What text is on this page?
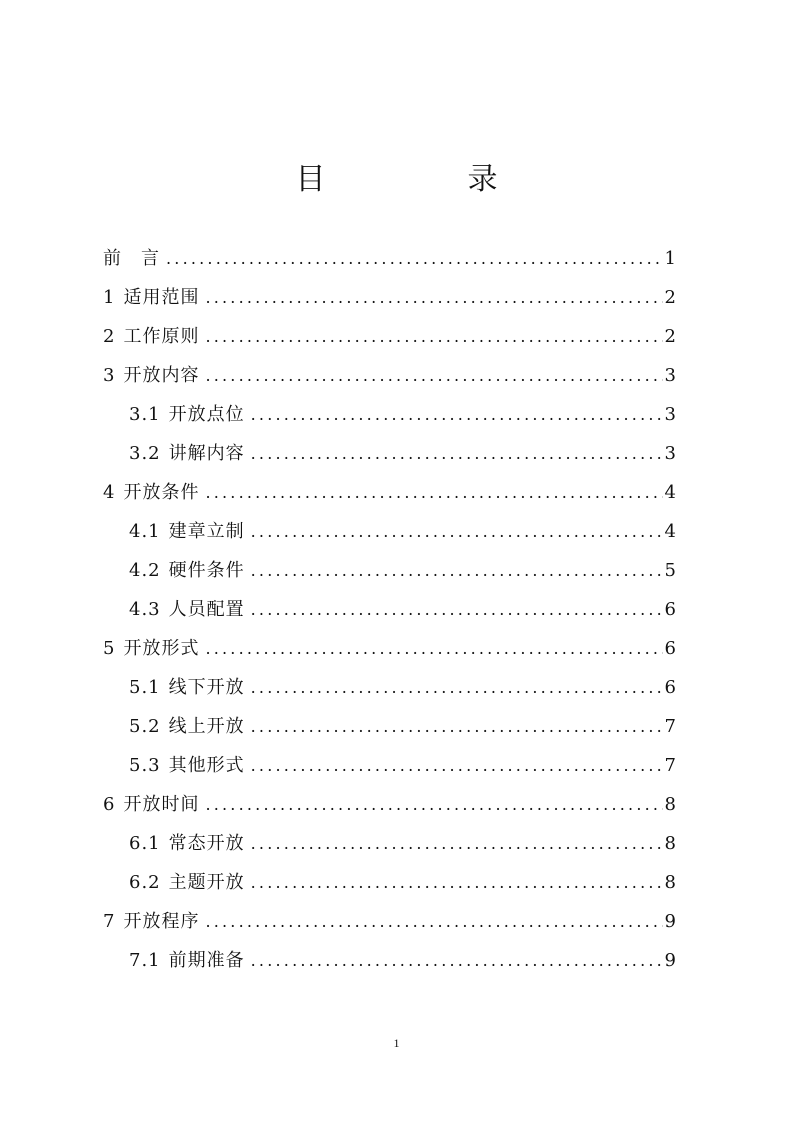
目　录
前　言 .....	1
1 适用范围 .....	2
2 工作原则 .....	2
3 开放内容 .....	3
3.1 开放点位 .....	3
3.2 讲解内容 .....	3
4 开放条件 .....	4
4.1 建章立制 .....	4
4.2 硬件条件 .....	5
4.3 人员配置 .....	6
5 开放形式 .....	6
5.1 线下开放 .....	6
5.2 线上开放 .....	7
5.3 其他形式 .....	7
6 开放时间 .....	8
6.1 常态开放 .....	8
6.2 主题开放 .....	8
7 开放程序 .....	9
7.1 前期准备 .....	9
1
